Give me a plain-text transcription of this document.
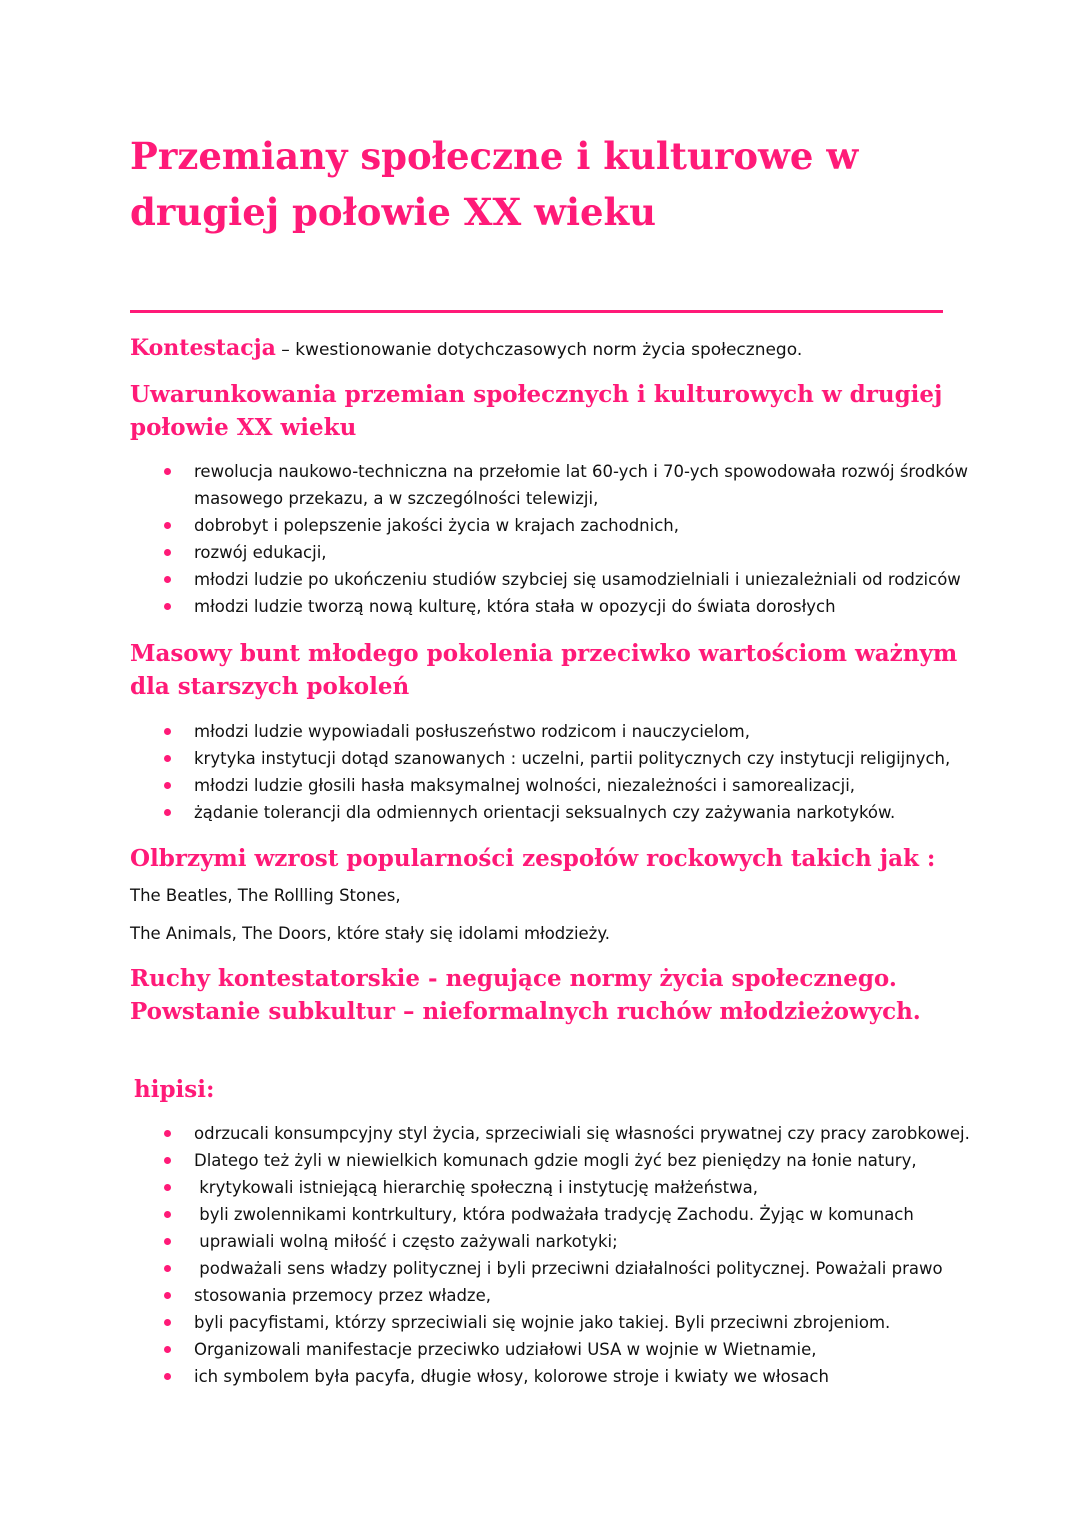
Przemiany społeczne i kulturowe w drugiej połowie XX wieku

Kontestacja – kwestionowanie dotychczasowych norm życia społecznego.

Uwarunkowania przemian społecznych i kulturowych w drugiej połowie XX wieku
rewolucja naukowo-techniczna na przełomie lat 60-ych i 70-ych spowodowała rozwój środków masowego przekazu, a w szczególności telewizji,
dobrobyt i polepszenie jakości życia w krajach zachodnich,
rozwój edukacji,
młodzi ludzie po ukończeniu studiów szybciej się usamodzielniali i uniezależniali od rodziców
młodzi ludzie tworzą nową kulturę, która stała w opozycji do świata dorosłych
Masowy bunt młodego pokolenia przeciwko wartościom ważnym dla starszych pokoleń
młodzi ludzie wypowiadali posłuszeństwo rodzicom i nauczycielom,
krytyka instytucji dotąd szanowanych : uczelni, partii politycznych czy instytucji religijnych,
młodzi ludzie głosili hasła maksymalnej wolności, niezależności i samorealizacji,
żądanie tolerancji dla odmiennych orientacji seksualnych czy zażywania narkotyków.
Olbrzymi wzrost popularności zespołów rockowych takich jak : The Beatles, The Rollling Stones,

The Animals, The Doors, które stały się idolami młodzieży.

Ruchy kontestatorskie - negujące normy życia społecznego. Powstanie subkultur – nieformalnych ruchów młodzieżowych.
hipisi:
odrzucali konsumpcyjny styl życia, sprzeciwiali się własności prywatnej czy pracy zarobkowej.
Dlatego też żyli w niewielkich komunach gdzie mogli żyć bez pieniędzy na łonie natury,
krytykowali istniejącą hierarchię społeczną i instytucję małżeństwa,
byli zwolennikami kontrkultury, która podważała tradycję Zachodu. Żyjąc w komunach
uprawiali wolną miłość i często zażywali narkotyki;
podważali sens władzy politycznej i byli przeciwni działalności politycznej. Poważali prawo
stosowania przemocy przez władze,
byli pacyfistami, którzy sprzeciwiali się wojnie jako takiej. Byli przeciwni zbrojeniom.
Organizowali manifestacje przeciwko udziałowi USA w wojnie w Wietnamie,
ich symbolem była pacyfa, długie włosy, kolorowe stroje i kwiaty we włosach
